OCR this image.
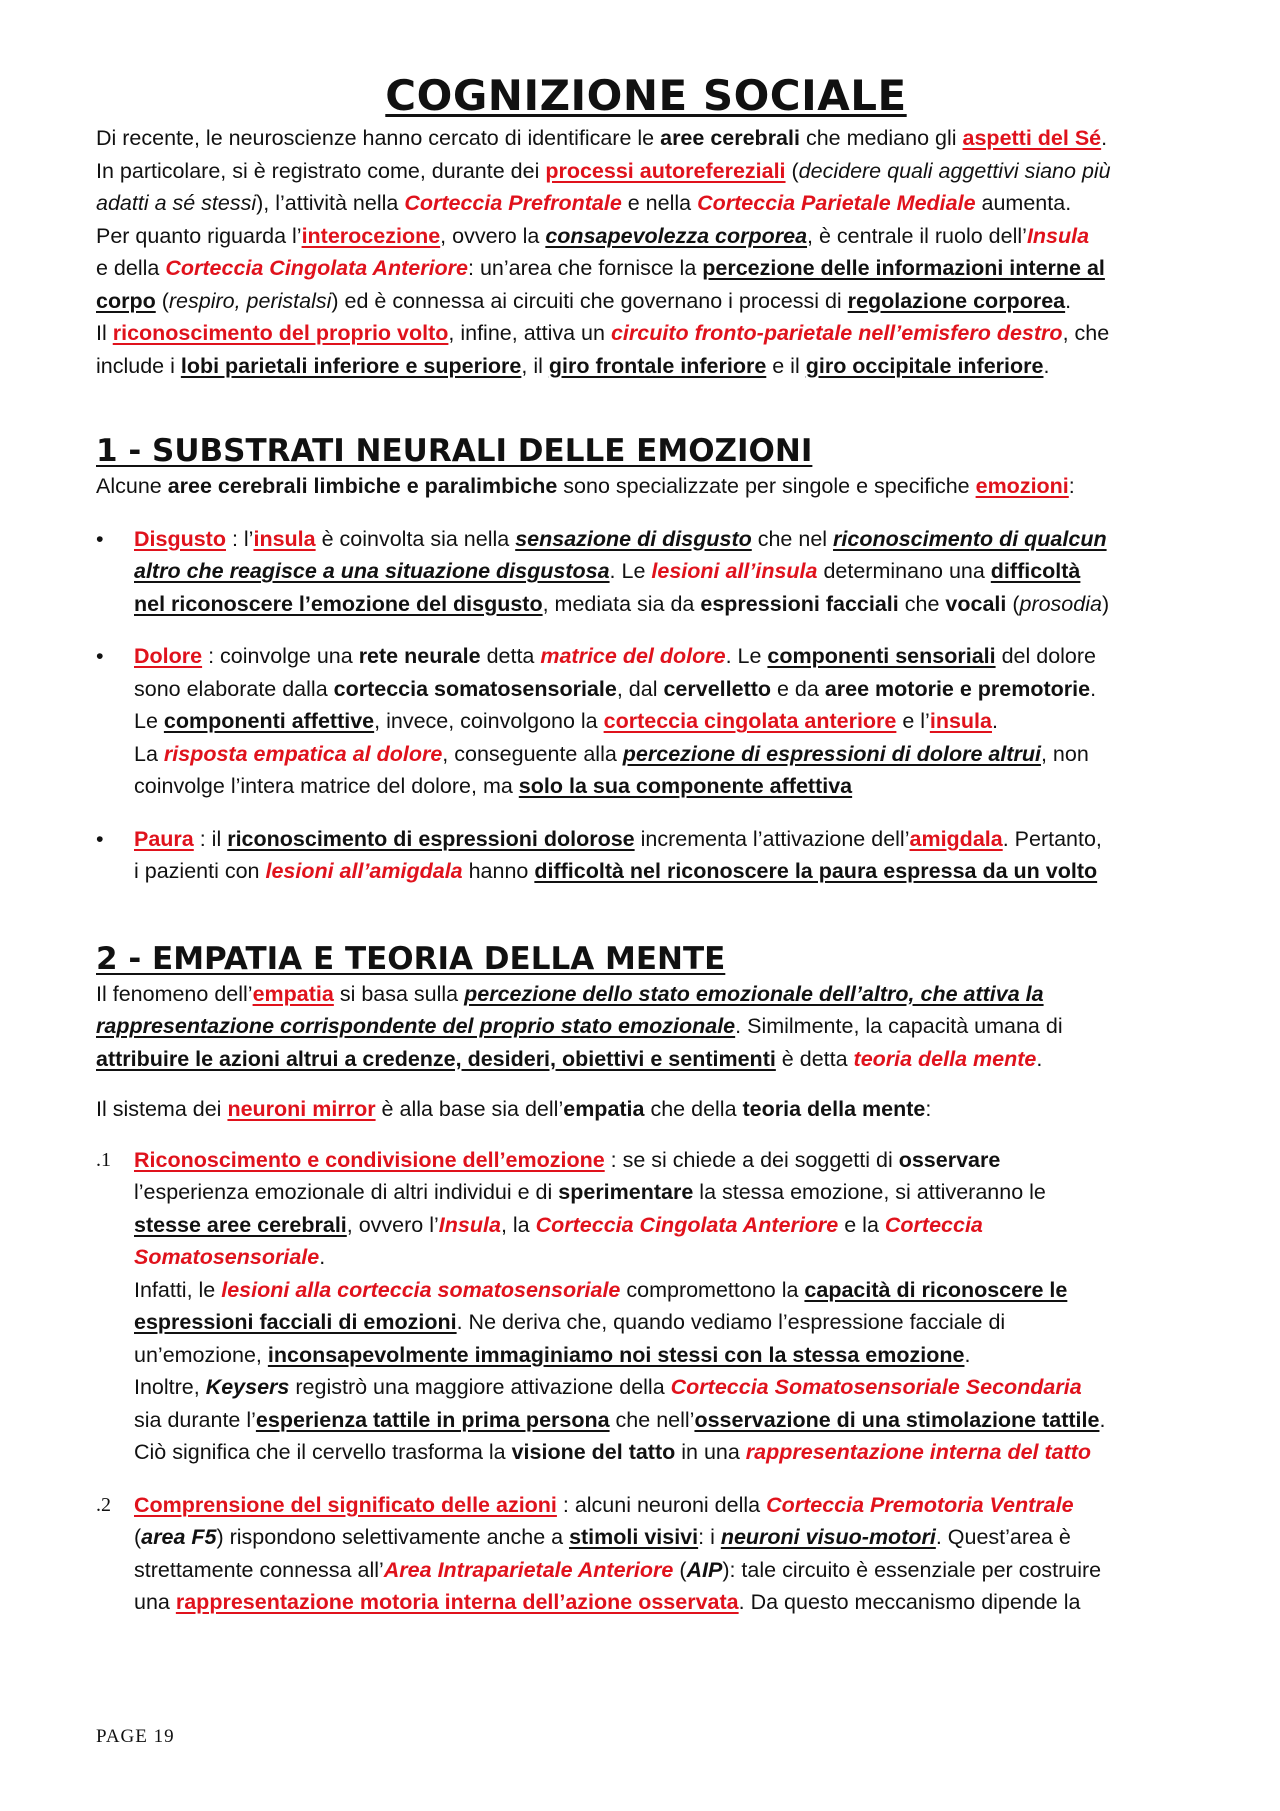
COGNIZIONE SOCIALE

Di recente, le neuroscienze hanno cercato di identificare le aree cerebrali che mediano gli aspetti del Sé.
In particolare, si è registrato come, durante dei processi autorefereziali (decidere quali aggettivi siano più
adatti a sé stessi), l’attività nella Corteccia Prefrontale e nella Corteccia Parietale Mediale aumenta.
Per quanto riguarda l’interocezione, ovvero la consapevolezza corporea, è centrale il ruolo dell’Insula
e della Corteccia Cingolata Anteriore: un’area che fornisce la percezione delle informazioni interne al
corpo (respiro, peristalsi) ed è connessa ai circuiti che governano i processi di regolazione corporea.
Il riconoscimento del proprio volto, infine, attiva un circuito fronto-parietale nell’emisfero destro, che
include i lobi parietali inferiore e superiore, il giro frontale inferiore e il giro occipitale inferiore.

1 - SUBSTRATI NEURALI DELLE EMOZIONI

Alcune aree cerebrali limbiche e paralimbiche sono specializzate per singole e specifiche emozioni:

•	Disgusto : l’insula è coinvolta sia nella sensazione di disgusto che nel riconoscimento di qualcun
altro che reagisce a una situazione disgustosa. Le lesioni all’insula determinano una difficoltà
nel riconoscere l’emozione del disgusto, mediata sia da espressioni facciali che vocali (prosodia)
•	Dolore : coinvolge una rete neurale detta matrice del dolore. Le componenti sensoriali del dolore
sono elaborate dalla corteccia somatosensoriale, dal cervelletto e da aree motorie e premotorie.
Le componenti affettive, invece, coinvolgono la corteccia cingolata anteriore e l’insula.
La risposta empatica al dolore, conseguente alla percezione di espressioni di dolore altrui, non
coinvolge l’intera matrice del dolore, ma solo la sua componente affettiva
•	Paura : il riconoscimento di espressioni dolorose incrementa l’attivazione dell’amigdala. Pertanto,
i pazienti con lesioni all’amigdala hanno difficoltà nel riconoscere la paura espressa da un volto
2 - EMPATIA E TEORIA DELLA MENTE

Il fenomeno dell’empatia si basa sulla percezione dello stato emozionale dell’altro, che attiva la
rappresentazione corrispondente del proprio stato emozionale. Similmente, la capacità umana di
attribuire le azioni altrui a credenze, desideri, obiettivi e sentimenti è detta teoria della mente.

Il sistema dei neuroni mirror è alla base sia dell’empatia che della teoria della mente:

.1	Riconoscimento e condivisione dell’emozione : se si chiede a dei soggetti di osservare
l’esperienza emozionale di altri individui e di sperimentare la stessa emozione, si attiveranno le
stesse aree cerebrali, ovvero l’Insula, la Corteccia Cingolata Anteriore e la Corteccia
Somatosensoriale.
Infatti, le lesioni alla corteccia somatosensoriale compromettono la capacità di riconoscere le
espressioni facciali di emozioni. Ne deriva che, quando vediamo l’espressione facciale di
un’emozione, inconsapevolmente immaginiamo noi stessi con la stessa emozione.
Inoltre, Keysers registrò una maggiore attivazione della Corteccia Somatosensoriale Secondaria
sia durante l’esperienza tattile in prima persona che nell’osservazione di una stimolazione tattile.
Ciò significa che il cervello trasforma la visione del tatto in una rappresentazione interna del tatto
.2	Comprensione del significato delle azioni : alcuni neuroni della Corteccia Premotoria Ventrale
(area F5) rispondono selettivamente anche a stimoli visivi: i neuroni visuo-motori. Quest’area è
strettamente connessa all’Area Intraparietale Anteriore (AIP): tale circuito è essenziale per costruire
una rappresentazione motoria interna dell’azione osservata. Da questo meccanismo dipende la
PAGE 19
